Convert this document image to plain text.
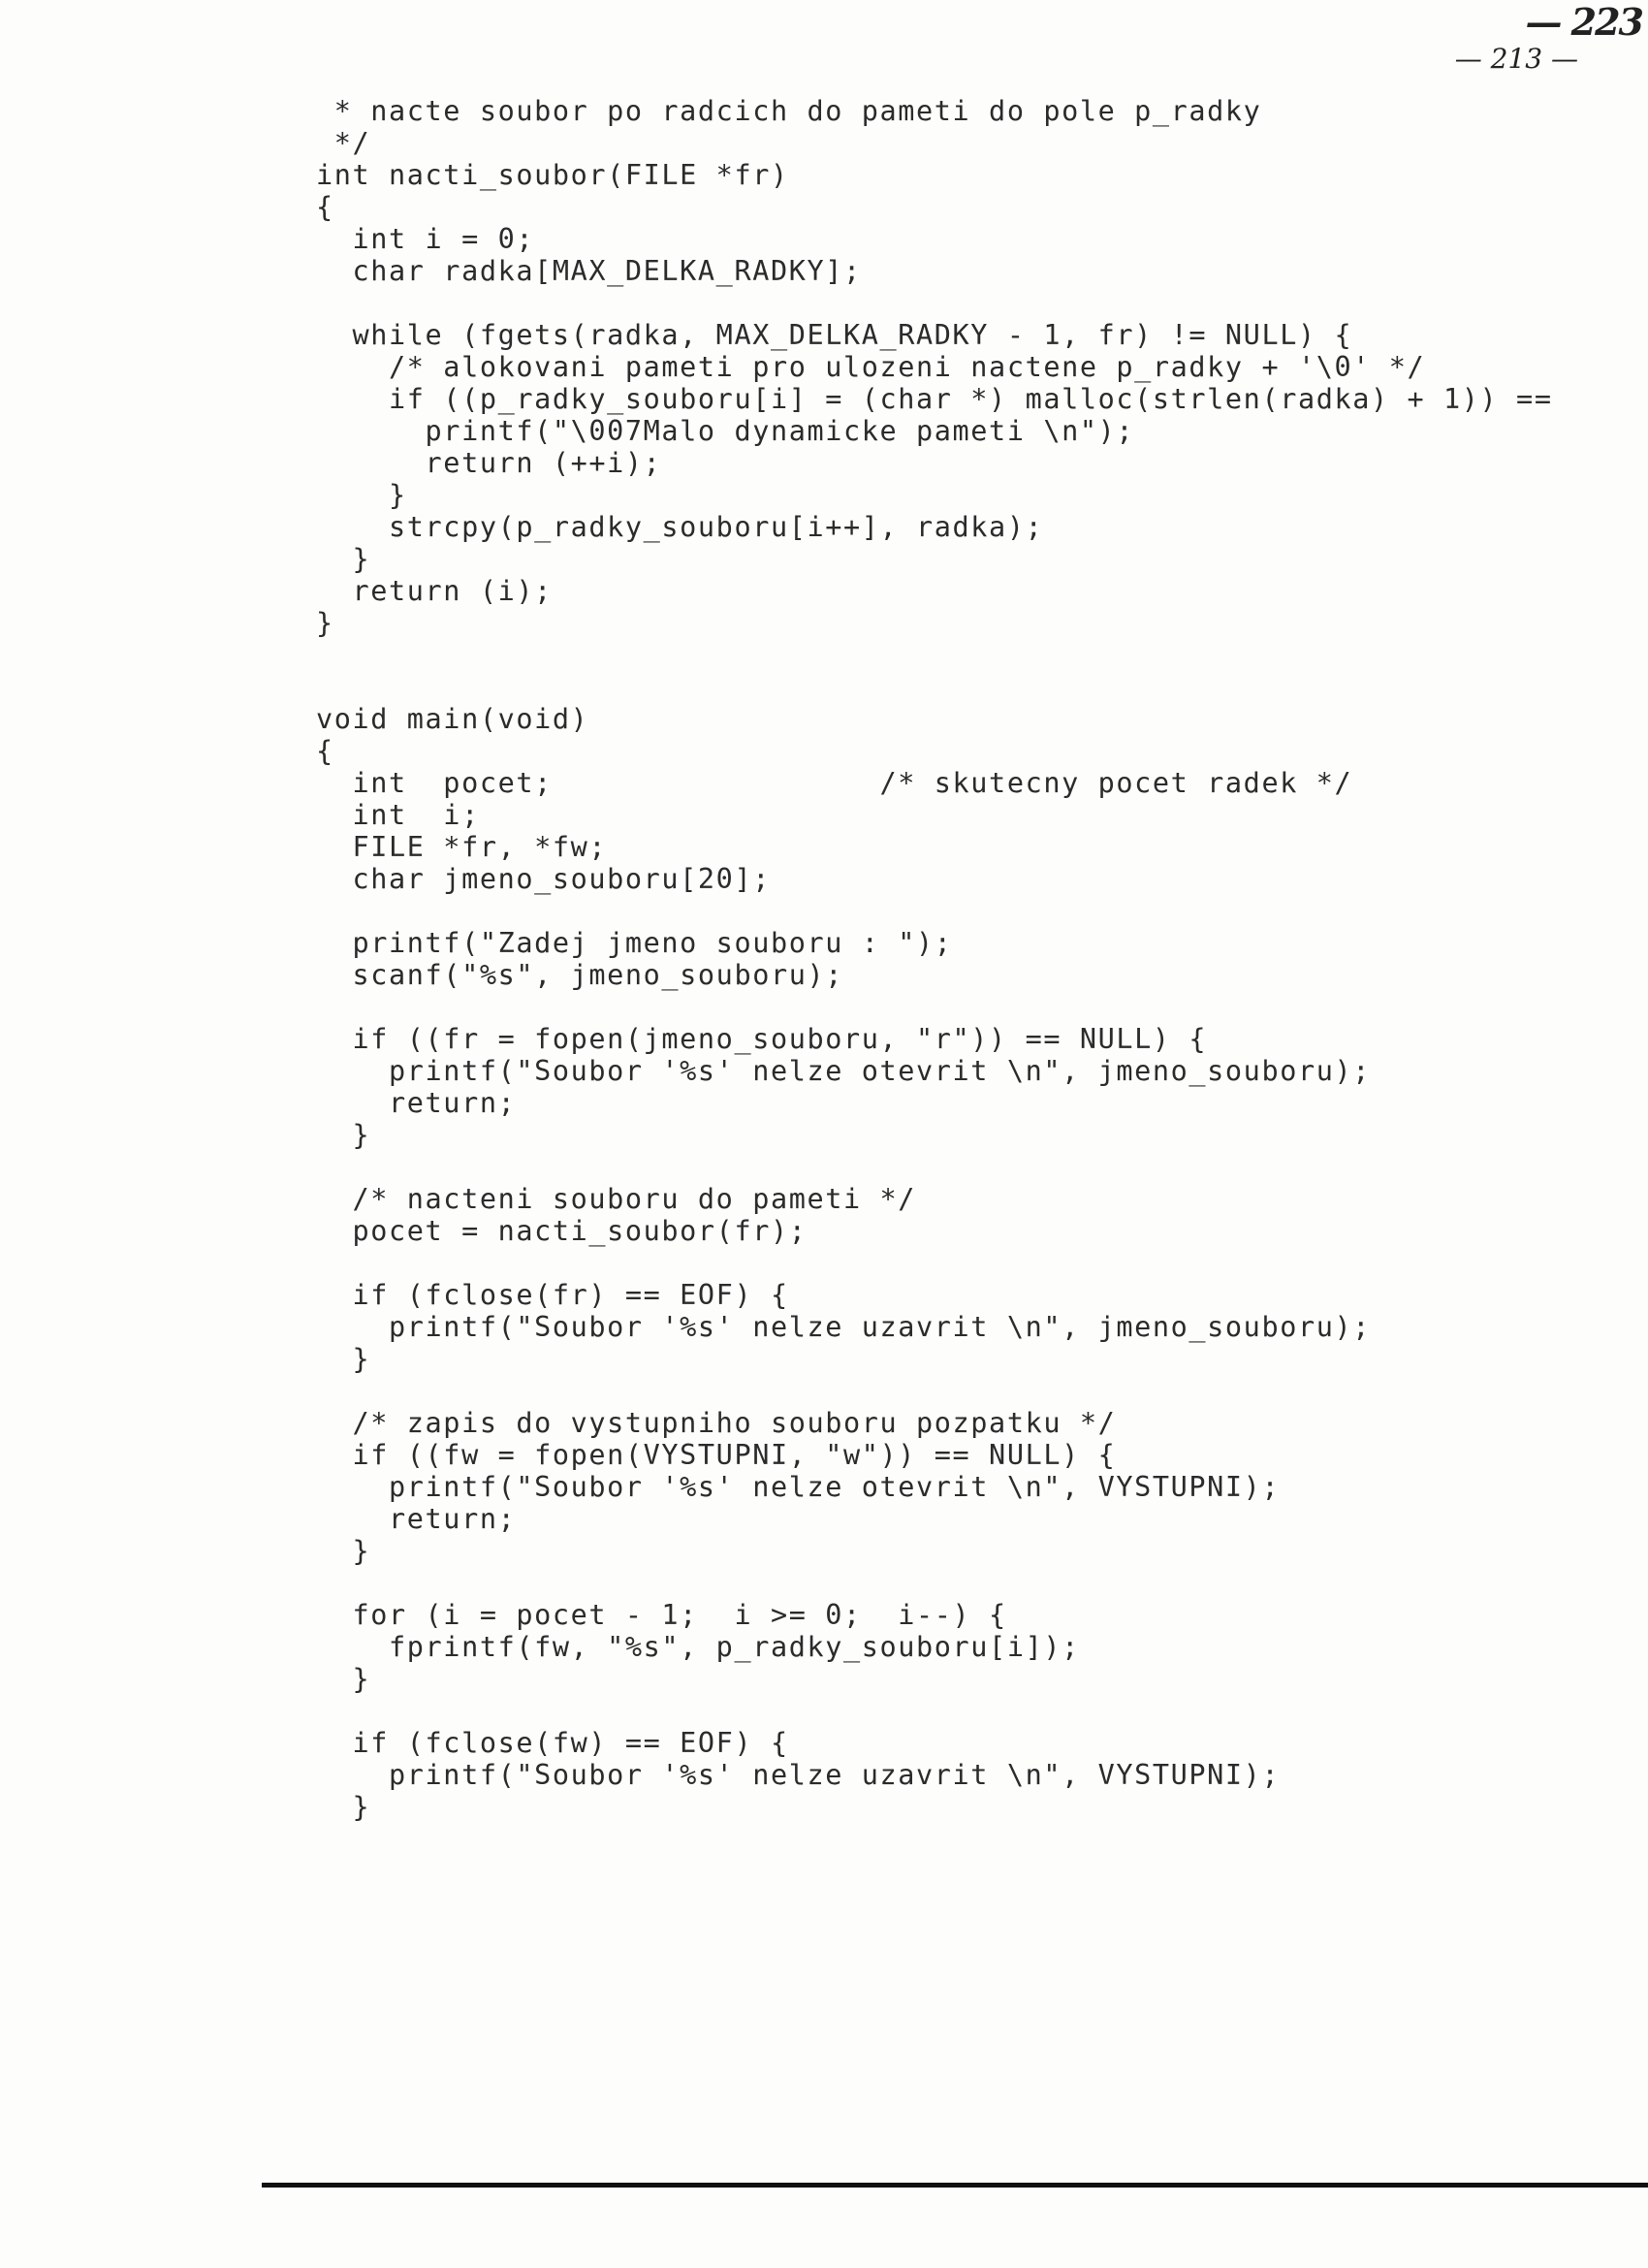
— 223
— 213 —
* nacte soubor po radcich do pameti do pole p_radky
*/
int nacti_soubor(FILE *fr)
{
int i = 0;
char radka[MAX_DELKA_RADKY];
while (fgets(radka, MAX_DELKA_RADKY - 1, fr) != NULL) {
/* alokovani pameti pro ulozeni nactene p_radky + '\0' */
if ((p_radky_souboru[i] = (char *) malloc(strlen(radka) + 1)) ==
printf("\007Malo dynamicke pameti \n");
return (++i);
}
strcpy(p_radky_souboru[i++], radka);
}
return (i);
}
void main(void)
{
int  pocet;                  /* skutecny pocet radek */
int  i;
FILE *fr, *fw;
char jmeno_souboru[20];
printf("Zadej jmeno souboru : ");
scanf("%s", jmeno_souboru);
if ((fr = fopen(jmeno_souboru, "r")) == NULL) {
printf("Soubor '%s' nelze otevrit \n", jmeno_souboru);
return;
}
/* nacteni souboru do pameti */
pocet = nacti_soubor(fr);
if (fclose(fr) == EOF) {
printf("Soubor '%s' nelze uzavrit \n", jmeno_souboru);
}
/* zapis do vystupniho souboru pozpatku */
if ((fw = fopen(VYSTUPNI, "w")) == NULL) {
printf("Soubor '%s' nelze otevrit \n", VYSTUPNI);
return;
}
for (i = pocet - 1;  i >= 0;  i--) {
fprintf(fw, "%s", p_radky_souboru[i]);
}
if (fclose(fw) == EOF) {
printf("Soubor '%s' nelze uzavrit \n", VYSTUPNI);
}
